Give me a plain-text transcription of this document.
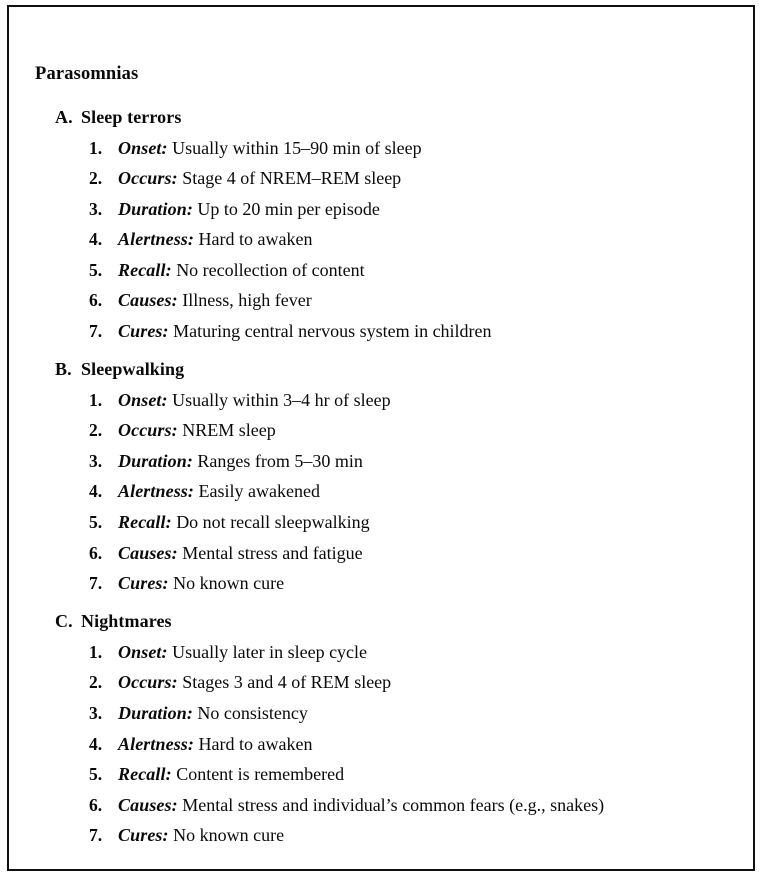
Parasomnias
A. Sleep terrors
1. Onset: Usually within 15–90 min of sleep
2. Occurs: Stage 4 of NREM–REM sleep
3. Duration: Up to 20 min per episode
4. Alertness: Hard to awaken
5. Recall: No recollection of content
6. Causes: Illness, high fever
7. Cures: Maturing central nervous system in children
B. Sleepwalking
1. Onset: Usually within 3–4 hr of sleep
2. Occurs: NREM sleep
3. Duration: Ranges from 5–30 min
4. Alertness: Easily awakened
5. Recall: Do not recall sleepwalking
6. Causes: Mental stress and fatigue
7. Cures: No known cure
C. Nightmares
1. Onset: Usually later in sleep cycle
2. Occurs: Stages 3 and 4 of REM sleep
3. Duration: No consistency
4. Alertness: Hard to awaken
5. Recall: Content is remembered
6. Causes: Mental stress and individual’s common fears (e.g., snakes)
7. Cures: No known cure
